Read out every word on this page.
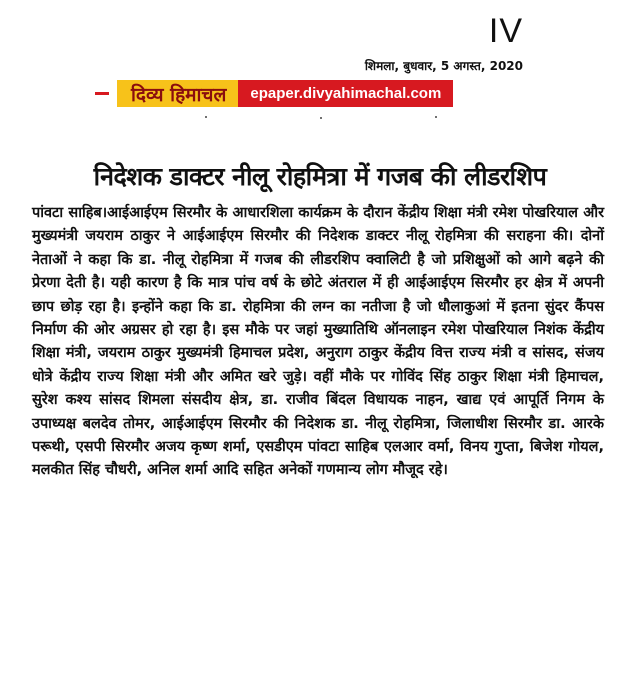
IV
शिमला, बुधवार, 5 अगस्त, 2020
दिव्य हिमाचल	epaper.divyahimachal.com
निदेशक डाक्टर नीलू रोहमित्रा में गजब की लीडरशिप

पांवटा साहिब।आईआईएम सिरमौर के आधारशिला कार्यक्रम के दौरान केंद्रीय शिक्षा मंत्री रमेश पोखरियाल और मुख्यमंत्री जयराम ठाकुर ने आईआईएम सिरमौर की निदेशक डाक्टर नीलू रोहमित्रा की सराहना की। दोनों नेताओं ने कहा कि डा. नीलू रोहमित्रा में गजब की लीडरशिप क्वालिटी है जो प्रशिक्षुओं को आगे बढ़ने की प्रेरणा देती है। यही कारण है कि मात्र पांच वर्ष के छोटे अंतराल में ही आईआईएम सिरमौर हर क्षेत्र में अपनी छाप छोड़ रहा है। इन्होंने कहा कि डा. रोहमित्रा की लग्न का नतीजा है जो धौलाकुआं में इतना सुंदर कैंपस निर्माण की ओर अग्रसर हो रहा है। इस मौके पर जहां मुख्यातिथि ऑनलाइन रमेश पोखरियाल निशंक केंद्रीय शिक्षा मंत्री, जयराम ठाकुर मुख्यमंत्री हिमाचल प्रदेश, अनुराग ठाकुर केंद्रीय वित्त राज्य मंत्री व सांसद, संजय धोत्रे केंद्रीय राज्य शिक्षा मंत्री और अमित खरे जुड़े। वहीं मौके पर गोविंद सिंह ठाकुर शिक्षा मंत्री हिमाचल, सुरेश कश्य सांसद शिमला संसदीय क्षेत्र, डा. राजीव बिंदल विधायक नाहन, खाद्य एवं आपूर्ति निगम के उपाध्यक्ष बलदेव तोमर, आईआईएम सिरमौर की निदेशक डा. नीलू रोहमित्रा, जिलाधीश सिरमौर डा. आरके परूथी, एसपी सिरमौर अजय कृष्ण शर्मा, एसडीएम पांवटा साहिब एलआर वर्मा, विनय गुप्ता, बिजेश गोयल, मलकीत सिंह चौधरी, अनिल शर्मा आदि सहित अनेकों गणमान्य लोग मौजूद रहे।
